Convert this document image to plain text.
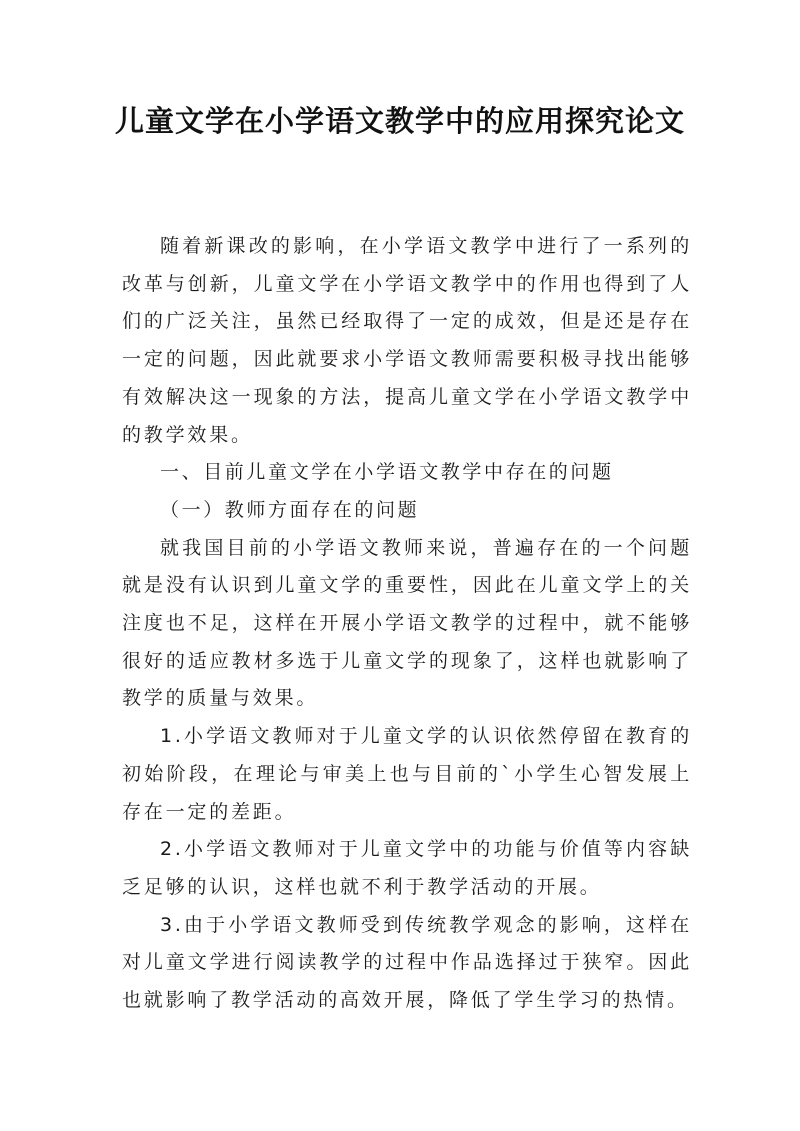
儿童文学在小学语文教学中的应用探究论文

随着新课改的影响，在小学语文教学中进行了一系列的改革与创新，儿童文学在小学语文教学中的作用也得到了人们的广泛关注，虽然已经取得了一定的成效，但是还是存在一定的问题，因此就要求小学语文教师需要积极寻找出能够有效解决这一现象的方法，提高儿童文学在小学语文教学中的教学效果。

一、目前儿童文学在小学语文教学中存在的问题

（一）教师方面存在的问题

就我国目前的小学语文教师来说，普遍存在的一个问题就是没有认识到儿童文学的重要性，因此在儿童文学上的关注度也不足，这样在开展小学语文教学的过程中，就不能够很好的适应教材多选于儿童文学的现象了，这样也就影响了教学的质量与效果。

1.小学语文教师对于儿童文学的认识依然停留在教育的初始阶段，在理论与审美上也与目前的`小学生心智发展上存在一定的差距。

2.小学语文教师对于儿童文学中的功能与价值等内容缺乏足够的认识，这样也就不利于教学活动的开展。

3.由于小学语文教师受到传统教学观念的影响，这样在对儿童文学进行阅读教学的过程中作品选择过于狭窄。因此也就影响了教学活动的高效开展，降低了学生学习的热情。
